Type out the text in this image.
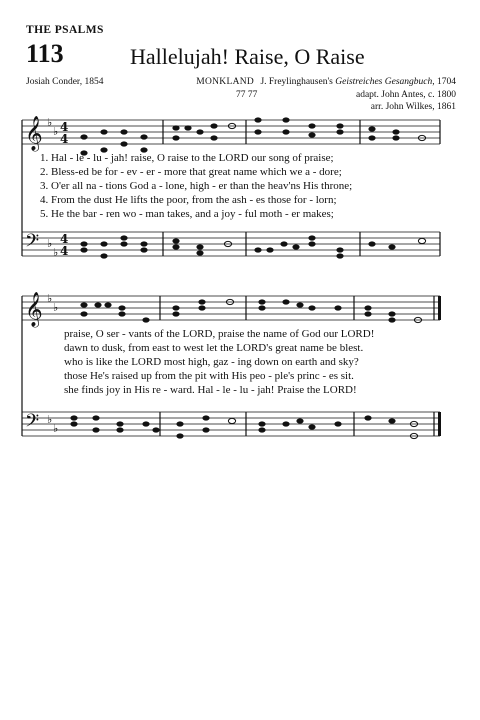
THE PSALMS
113	Hallelujah! Raise, O Raise
Josiah Conder, 1854	MONKLAND J. Freylinghausen's Geistreiches Gesangbuch, 1704
77 77	adapt. John Antes, c. 1800
arr. John Wilkes, 1861
𝄞
𝄢
𝄞
𝄢
♭
♭
♭
♭
♭
♭
♭
♭
4
4
4
4
1. Hal - le - lu - jah! raise, O raise to the LORD our song of praise;
2. Bless-ed be for - ev - er - more that great name which we a - dore;
3. O'er all na - tions God a - lone, high - er than the heav'ns His throne;
4. From the dust He lifts the poor, from the ash - es those for - lorn;
5. He the bar - ren wo - man takes, and a joy - ful moth - er makes;
praise, O ser - vants of the LORD, praise the name of God our LORD!
dawn to dusk, from east to west let the LORD's great name be blest.
who is like the LORD most high, gaz - ing down on earth and sky?
those He's raised up from the pit with His peo - ple's princ - es sit.
she finds joy in His re - ward. Hal - le - lu - jah! Praise the LORD!
